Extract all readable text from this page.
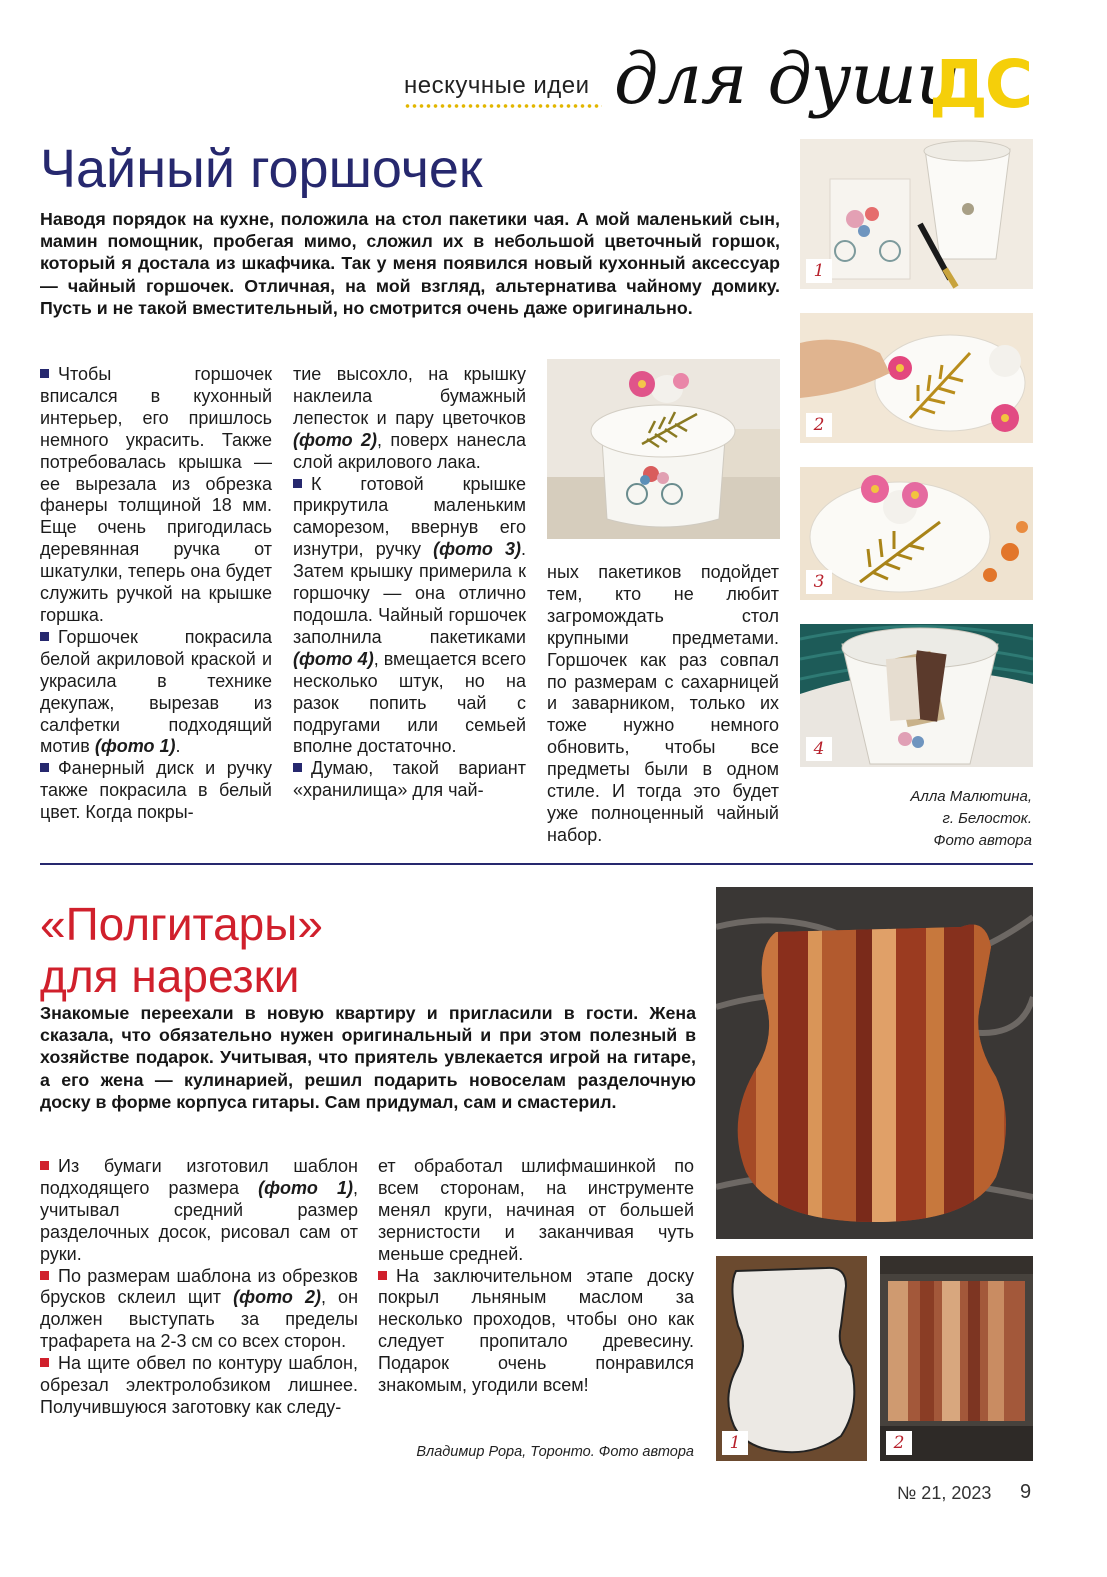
нескучные идеи для души
ДС
Чайный горшочек
Наводя порядок на кухне, положила на стол пакетики чая. А мой маленький сын, мамин помощник, пробегая мимо, сложил их в небольшой цветочный горшок, который я достала из шкафчика. Так у меня появился новый кухонный аксессуар — чайный горшочек. Отличная, на мой взгляд, альтернатива чайному домику. Пусть и не такой вместительный, но смотрится очень даже оригинально.

Чтобы горшочек вписался в кухонный интерьер, его пришлось немного украсить. Также потребовалась крышка — ее вырезала из обрезка фанеры толщиной 18 мм. Еще очень пригодилась деревянная ручка от шкатулки, теперь она будет служить ручкой на крышке горшка.

Горшочек покрасила белой акриловой краской и украсила в технике декупаж, вырезав из салфетки подходящий мотив (фото 1).

Фанерный диск и ручку также покрасила в белый цвет. Когда покры-

тие высохло, на крышку наклеила бумажный лепесток и пару цветочков (фото 2), поверх нанесла слой акрилового лака.

К готовой крышке прикрутила маленьким саморезом, ввернув его изнутри, ручку (фото 3). Затем крышку примерила к горшочку — она отлично подошла. Чайный горшочек заполнила пакетиками (фото 4), вмещается всего несколько штук, но на разок попить чай с подругами или семьей вполне достаточно.

Думаю, такой вариант «хранилища» для чай-

ных пакетиков подойдет тем, кто не любит загромождать стол крупными предметами. Горшочек как раз совпал по размерам с сахарницей и заварником, только их тоже нужно немного обновить, чтобы все предметы были в одном стиле. И тогда это будет уже полноценный чайный набор.

1
2
3
4
Алла Малютина,
г. Белосток.
Фото автора
«Полгитары»
для нарезки
Знакомые переехали в новую квартиру и пригласили в гости. Жена сказала, что обязательно нужен оригинальный и при этом полезный в хозяйстве подарок. Учитывая, что приятель увлекается игрой на гитаре, а его жена — кулинарией, решил подарить новоселам разделочную доску в форме корпуса гитары. Сам придумал, сам и смастерил.

Из бумаги изготовил шаблон подходящего размера (фото 1), учитывал средний размер разделочных досок, рисовал сам от руки.

По размерам шаблона из обрезков брусков склеил щит (фото 2), он должен выступать за пределы трафарета на 2-3 см со всех сторон.

На щите обвел по контуру шаблон, обрезал электролобзиком лишнее. Получившуюся заготовку как следу-

ет обработал шлифмашинкой по всем сторонам, на инструменте менял круги, начиная от большей зернистости и заканчивая чуть меньше средней.

На заключительном этапе доску покрыл льняным маслом за несколько проходов, чтобы оно как следует пропитало древесину. Подарок очень понравился знакомым, угодили всем!

Владимир Рора, Торонто. Фото автора	1	2
№ 21, 2023 9
